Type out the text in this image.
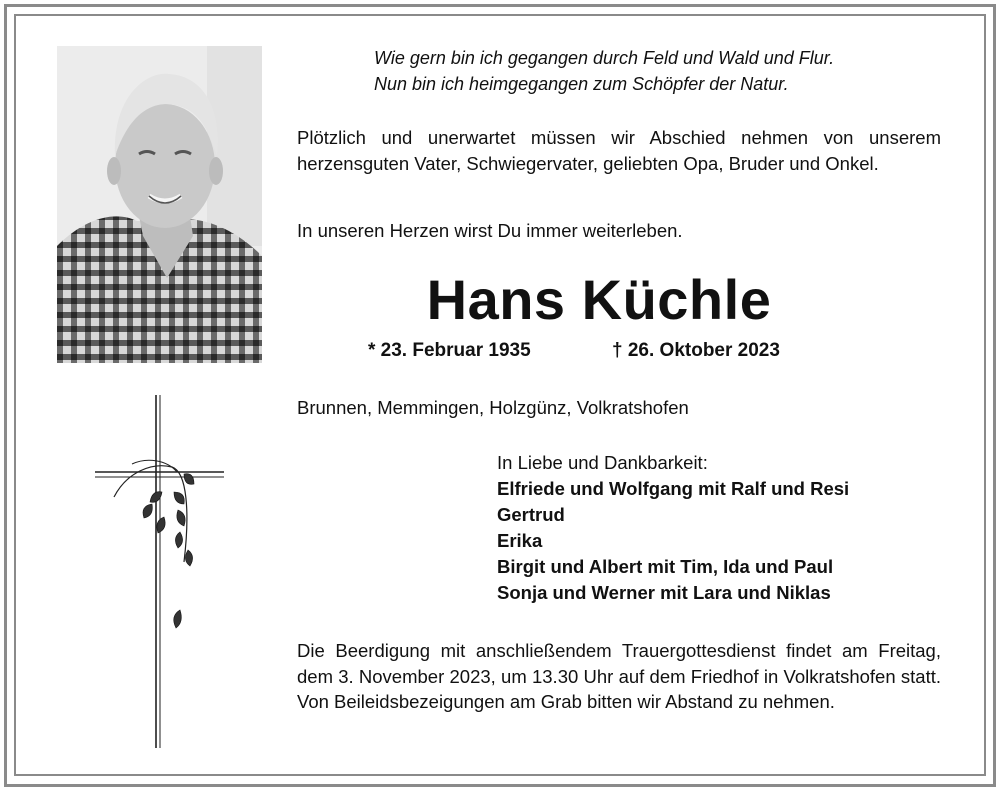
Wie gern bin ich gegangen durch Feld und Wald und Flur.
Nun bin ich heimgegangen zum Schöpfer der Natur.
Plötzlich und unerwartet müssen wir Abschied nehmen von unserem herzensguten Vater, Schwiegervater, geliebten Opa, Bruder und Onkel.
In unseren Herzen wirst Du immer weiterleben.
Hans Küchle
* 23. Februar 1935	† 26. Oktober 2023
Brunnen, Memmingen, Holzgünz, Volkratshofen
In Liebe und Dankbarkeit:
Elfriede und Wolfgang mit Ralf und Resi
Gertrud
Erika
Birgit und Albert mit Tim, Ida und Paul
Sonja und Werner mit Lara und Niklas
Die Beerdigung mit anschließendem Trauergottesdienst findet am Freitag, dem 3. November 2023, um 13.30 Uhr auf dem Friedhof in Volkratshofen statt. Von Beileidsbezeigungen am Grab bitten wir Abstand zu nehmen.
